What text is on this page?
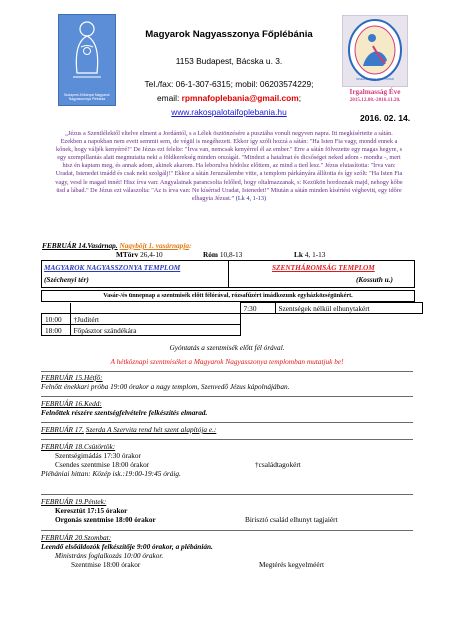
Budapest-Kőbányai Magyarok Nagyasszonya Plébánia
Magyarok Nagyasszonya Főplébánia
1153 Budapest, Bácska u. 3.
Tel./fax: 06-1-307-6315; mobil: 06203574229;
email: rpmnafoplebania@gmail.com;
www.rakospalotaifoplebania.hu
MISERICORDES SICUT PATER
Irgalmasság Éve
2015.12.08.-2016.11.20.
2016. 02. 14.
„Jézus a Szentlélektől eltelve elment a Jordántól, s a Lélek ösztönzésére a pusztába vonult negyven napra. Itt megkísértette a sátán. Ezekben a napokban nem evett semmit sem, de végül is megéhezett. Ekkor így szólt hozzá a sátán: "Ha Isten Fia vagy, mondd ennek a kőnek, hogy váljék kenyérré!" De Jézus ezt felelte: "Írva van, nemcsak kenyérrel él az ember." Erre a sátán fölvezette egy magas hegyre, s egy szempillantás alatt megmutatta neki a földkerekség minden országát. "Mindezt a hatalmat és dicsőséget neked adom - mondta -, mert hisz én kaptam meg, és annak adom, akinek akarom. Ha leborulva hódolsz előttem, az mind a tied lesz." Jézus elutasította: "Írva van: Uradat, Istenedet imádd és csak neki szolgálj!" Ekkor a sátán Jeruzsálembe vitte, a templom párkányára állította és így szólt: "Ha Isten Fia vagy, vesd le magad innét! Hisz írva van: Angyalainak parancsolta felőled, hogy oltalmazzanak, s: Kezükön hordoznak majd, nehogy kőbe üsd a lábad." De Jézus ezt válaszolta: "Az is írva van: Ne kísértsd Uradat, Istenedet!" Miután a sátán minden kísértést végbevitt, egy időre elhagyta Jézust.” (Lk 4, 1-13)
FEBRUÁR 14.Vasárnap. Nagyböjt 1. vasárnapja:
MTörv 26,4-10	Róm 10,8-13	Lk 4, 1-13
MAGYAROK NAGYASSZONYA TEMPLOM
(Széchenyi tér)
SZENTHÁROMSÁG TEMPLOM
(Kossuth u.)
Vasár-/és ünnepnap a szentmisék előtt félórával, rózsafűzért imádkozunk egyházközségünkért.
		7:30	Szentségek nélkül elhunytakért
10:00	†Juditért		
18:00	Főpásztor szándékára		
Gyóntatás a szentmisék előtt fél órával.
A hétköznapi szentmiséket a Magyarok Nagyasszonya templomban mutatjuk be!
FEBRUÁR 15.Hétfő:
Felnőtt énekkari próba 19:00 órakor a nagy templom, Szenvedő Jézus kápolnájában.
FEBRUÁR 16.Kedd:
Felnőttek részére szentségfelvételre felkészítés elmarad.
FEBRUÁR 17. Szerda A Szervita rend hét szent alapítója e.:
FEBRUÁR 18.Csütörtök:
Szentségimádás 17:30 órakor
Csendes szentmise 18:00 órakor	†családtagokért
Plébániai hittan: Közép isk.:19:00-19:45 óráig.
FEBRUÁR 19.Péntek:
Keresztút 17:15 órakor
Orgonás szentmise 18:00 órakor	Birisztó család elhunyt tagjaiért
FEBRUÁR 20.Szombat:
Leendő elsőáldozók felkészítője 9:00 órakor, a plébánián.
Ministráns foglalkozás 10:00 órakor.
Szentmise 18:00 órakor	Megtérés kegyelméért
